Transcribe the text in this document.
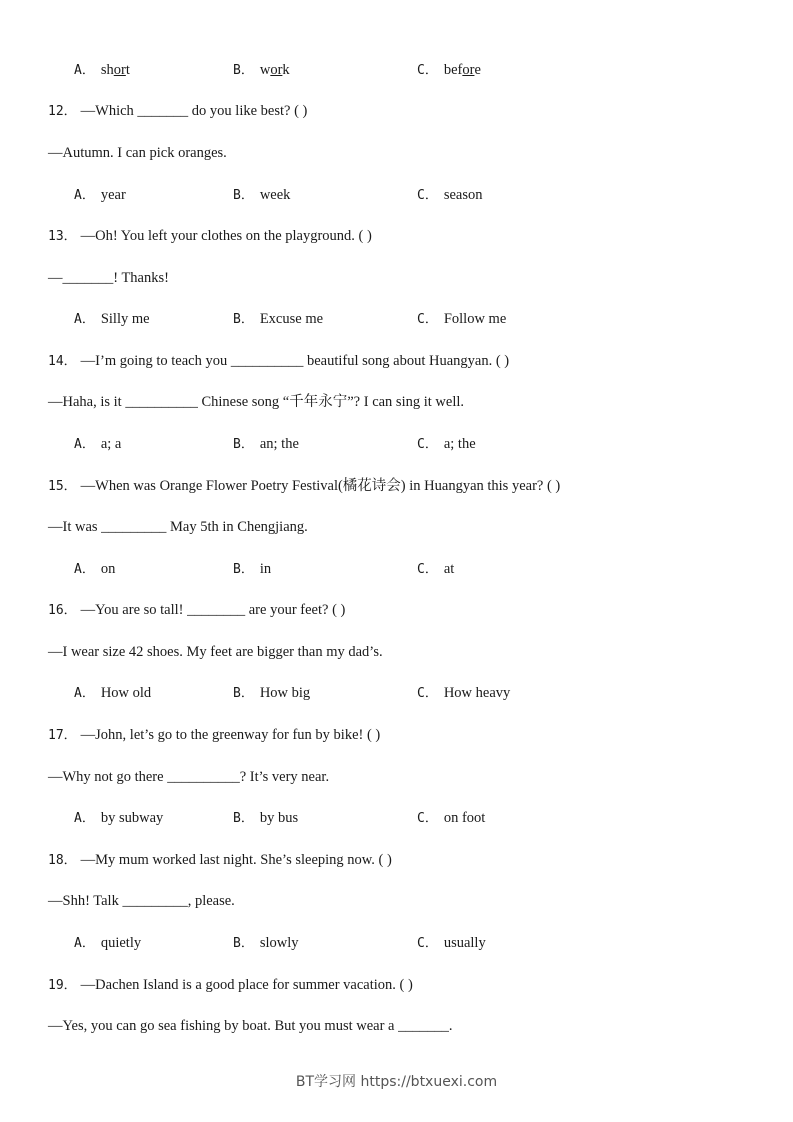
A． short	B． work	C． before
12． —Which _______ do you like best? ( )
—Autumn. I can pick oranges.
A． year	B． week	C． season
13． —Oh! You left your clothes on the playground. ( )
—_______! Thanks!
A． Silly me	B． Excuse me	C． Follow me
14． —I’m going to teach you __________ beautiful song about Huangyan. ( )
—Haha, is it __________ Chinese song “千年永宁”? I can sing it well.
A． a; a	B． an; the	C． a; the
15． —When was Orange Flower Poetry Festival(橘花诗会) in Huangyan this year? ( )
—It was _________ May 5th in Chengjiang.
A． on	B． in	C． at
16． —You are so tall! ________ are your feet? ( )
—I wear size 42 shoes. My feet are bigger than my dad’s.
A． How old	B． How big	C． How heavy
17． —John, let’s go to the greenway for fun by bike! ( )
—Why not go there __________? It’s very near.
A． by subway	B． by bus	C． on foot
18． —My mum worked last night. She’s sleeping now. ( )
—Shh! Talk _________, please.
A． quietly	B． slowly	C． usually
19． —Dachen Island is a good place for summer vacation. ( )
—Yes, you can go sea fishing by boat. But you must wear a _______.
BT学习网 https://btxuexi.com
